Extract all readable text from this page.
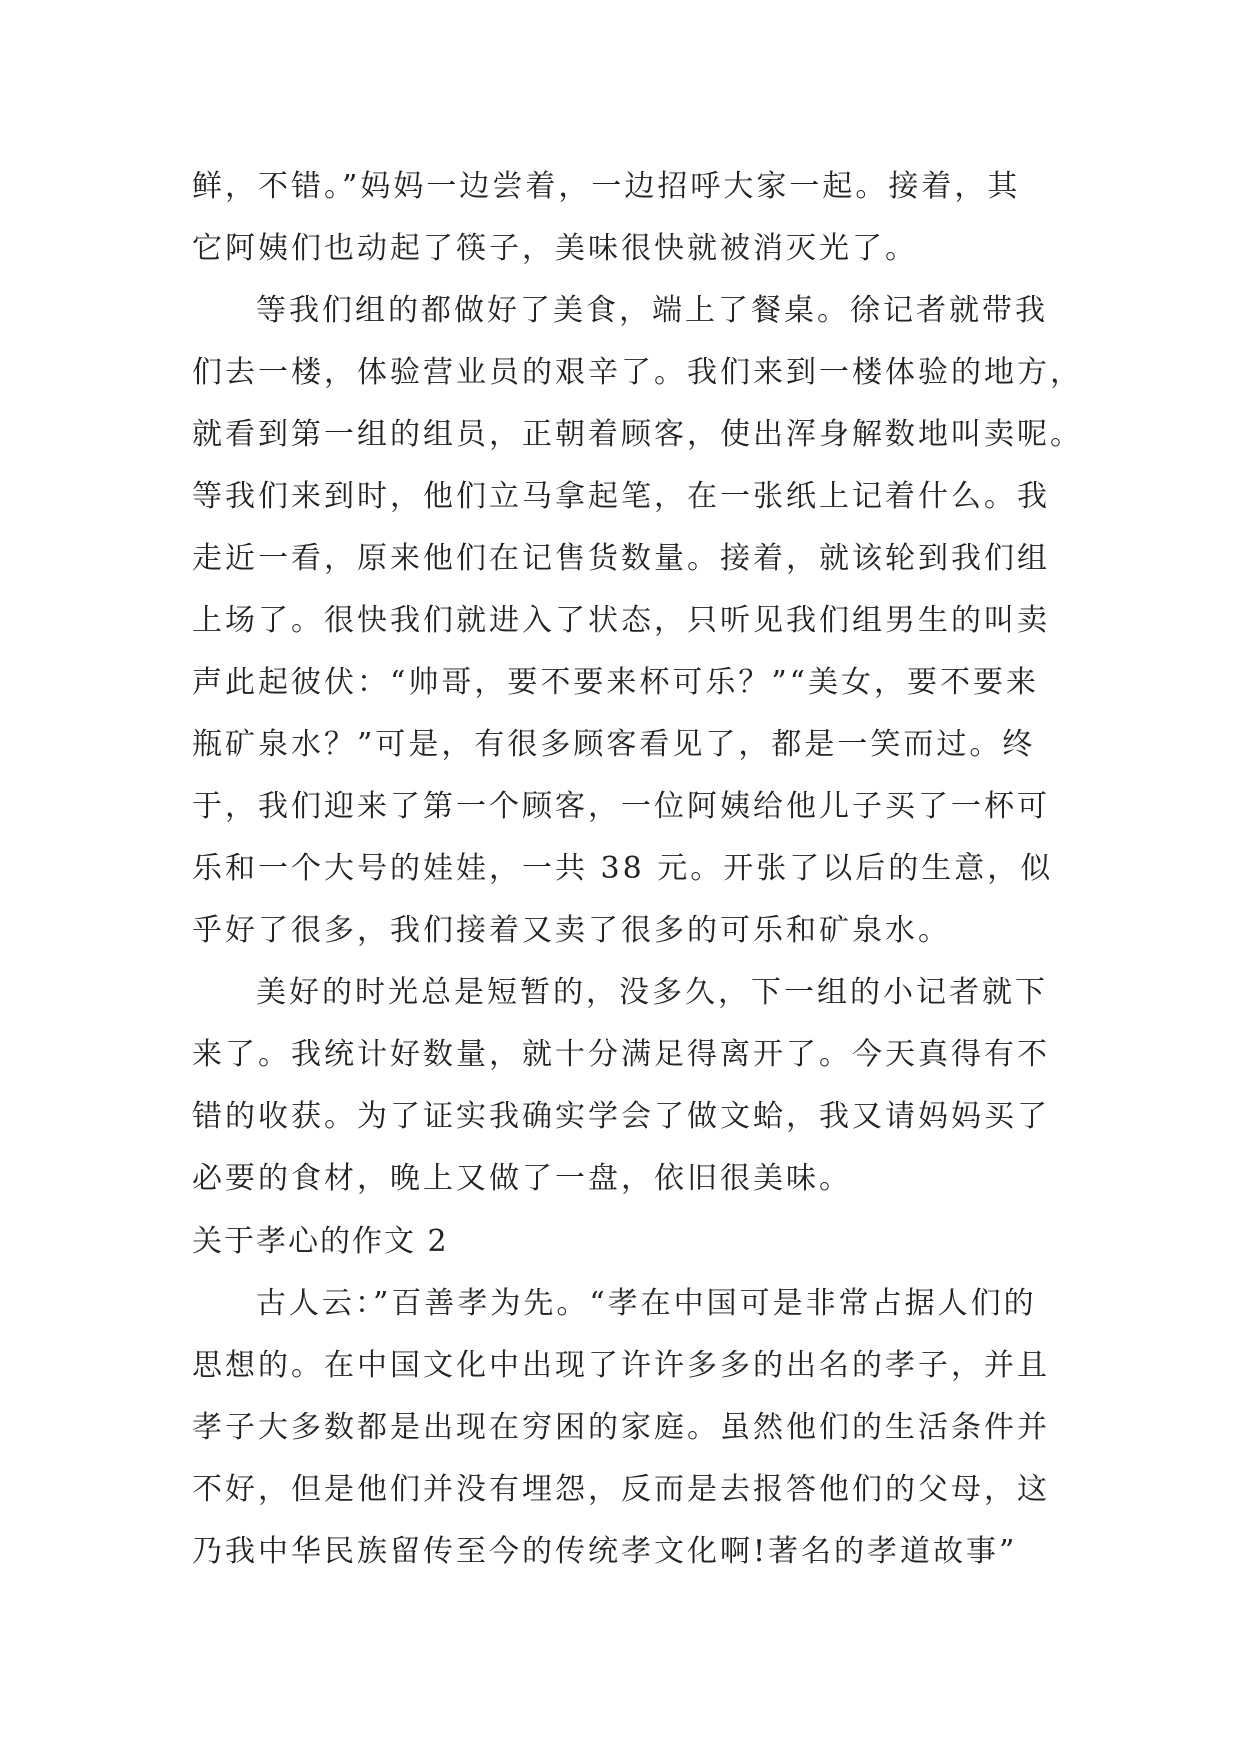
鲜，不错。”妈妈一边尝着，一边招呼大家一起。接着，其
它阿姨们也动起了筷子，美味很快就被消灭光了。
等我们组的都做好了美食，端上了餐桌。徐记者就带我
们去一楼，体验营业员的艰辛了。我们来到一楼体验的地方，
就看到第一组的组员，正朝着顾客，使出浑身解数地叫卖呢。
等我们来到时，他们立马拿起笔，在一张纸上记着什么。我
走近一看，原来他们在记售货数量。接着，就该轮到我们组
上场了。很快我们就进入了状态，只听见我们组男生的叫卖
声此起彼伏：“帅哥，要不要来杯可乐？”“美女，要不要来
瓶矿泉水？”可是，有很多顾客看见了，都是一笑而过。终
于，我们迎来了第一个顾客，一位阿姨给他儿子买了一杯可
乐和一个大号的娃娃，一共 38 元。开张了以后的生意，似
乎好了很多，我们接着又卖了很多的可乐和矿泉水。
美好的时光总是短暂的，没多久，下一组的小记者就下
来了。我统计好数量，就十分满足得离开了。今天真得有不
错的收获。为了证实我确实学会了做文蛤，我又请妈妈买了
必要的食材，晚上又做了一盘，依旧很美味。
关于孝心的作文 2
古人云：”百善孝为先。“孝在中国可是非常占据人们的
思想的。在中国文化中出现了许许多多的出名的孝子，并且
孝子大多数都是出现在穷困的家庭。虽然他们的生活条件并
不好，但是他们并没有埋怨，反而是去报答他们的父母，这
乃我中华民族留传至今的传统孝文化啊!著名的孝道故事”
